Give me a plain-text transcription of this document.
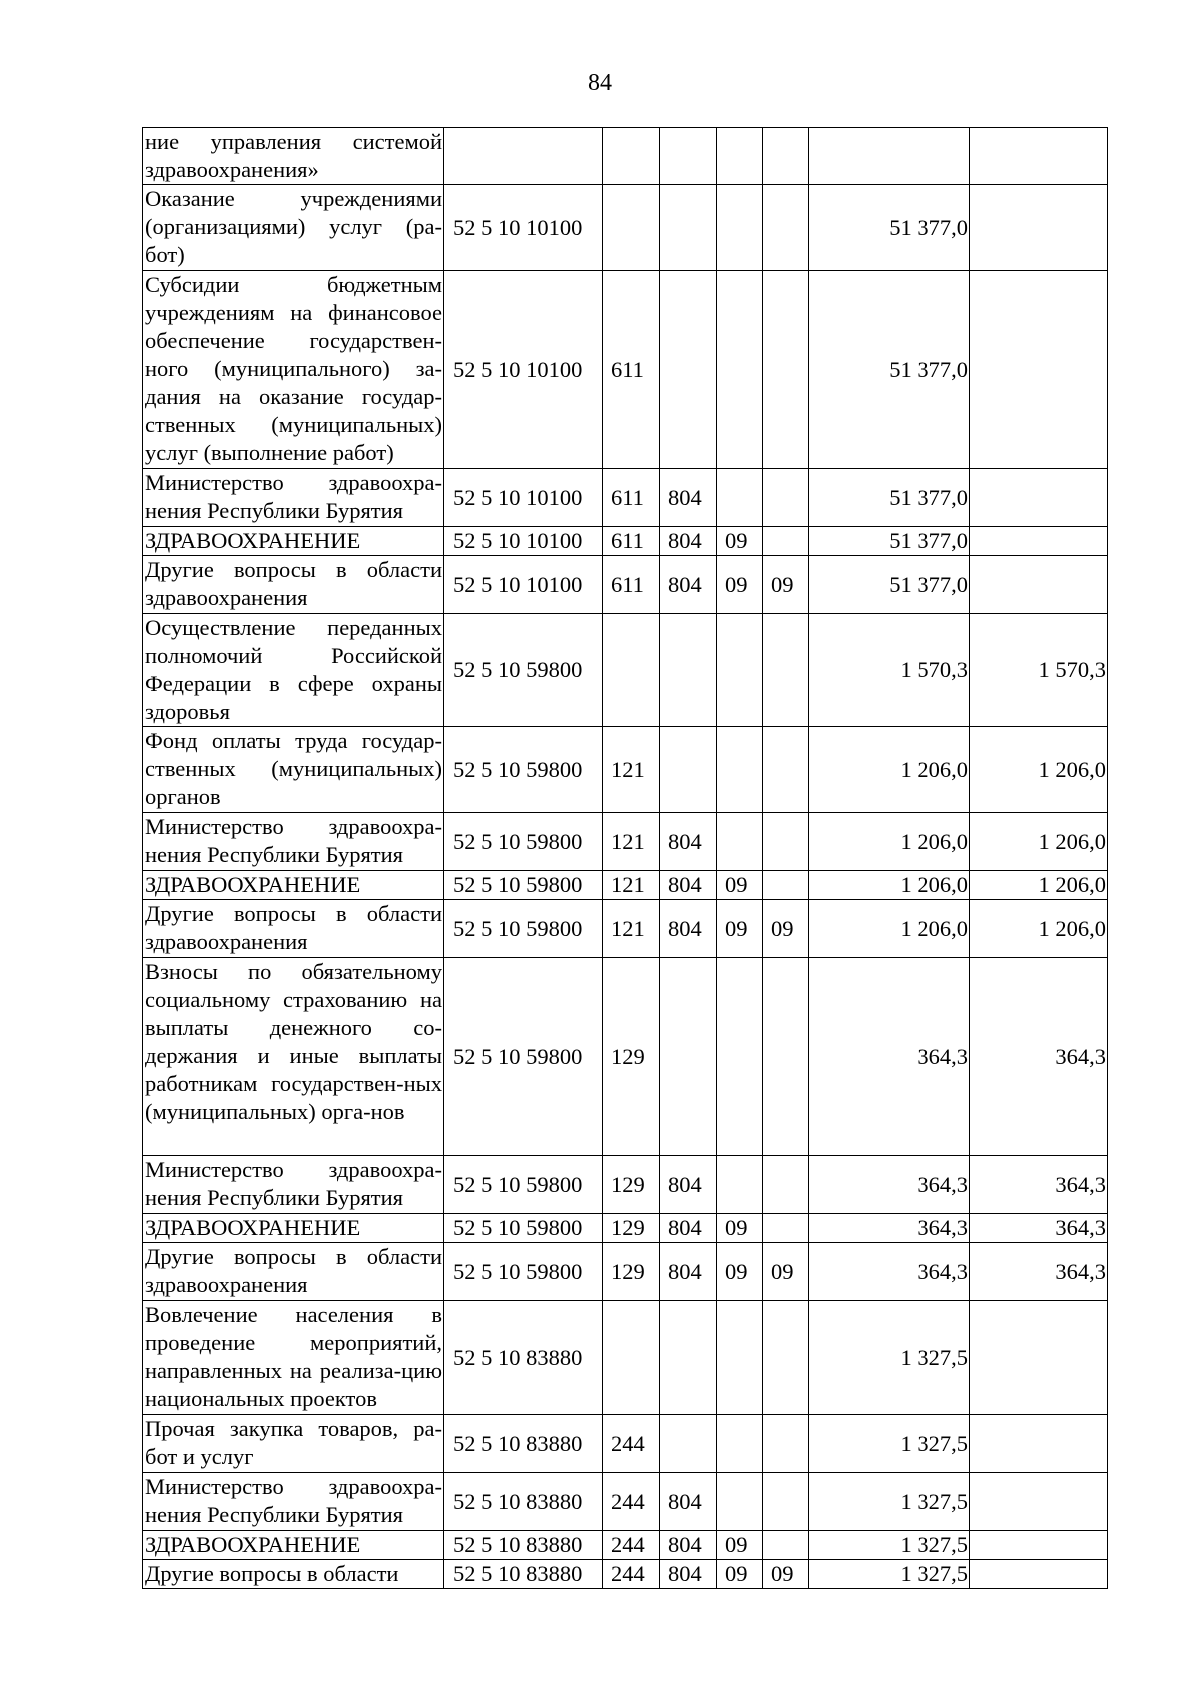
84
ние управления системой здравоохранения»							
Оказание учреждениями (организациями) услуг (ра-бот)	52 5 10 10100					51 377,0	
Субсидии бюджетным учреждениям на финансовое обеспечение государствен-ного (муниципального) за-дания на оказание государ-ственных (муниципальных) услуг (выполнение работ)	52 5 10 10100	611				51 377,0	
Министерство здравоохра-нения Республики Бурятия	52 5 10 10100	611	804			51 377,0	
ЗДРАВООХРАНЕНИЕ	52 5 10 10100	611	804	09		51 377,0	
Другие вопросы в области здравоохранения	52 5 10 10100	611	804	09	09	51 377,0	
Осуществление переданных полномочий Российской Федерации в сфере охраны здоровья	52 5 10 59800					1 570,3	1 570,3
Фонд оплаты труда государ-ственных (муниципальных) органов	52 5 10 59800	121				1 206,0	1 206,0
Министерство здравоохра-нения Республики Бурятия	52 5 10 59800	121	804			1 206,0	1 206,0
ЗДРАВООХРАНЕНИЕ	52 5 10 59800	121	804	09		1 206,0	1 206,0
Другие вопросы в области здравоохранения	52 5 10 59800	121	804	09	09	1 206,0	1 206,0
Взносы по обязательному социальному страхованию на выплаты денежного со-держания и иные выплаты работникам государствен-ных (муниципальных) орга-нов	52 5 10 59800	129				364,3	364,3
Министерство здравоохра-нения Республики Бурятия	52 5 10 59800	129	804			364,3	364,3
ЗДРАВООХРАНЕНИЕ	52 5 10 59800	129	804	09		364,3	364,3
Другие вопросы в области здравоохранения	52 5 10 59800	129	804	09	09	364,3	364,3
Вовлечение населения в проведение мероприятий, направленных на реализа-цию национальных проектов	52 5 10 83880					1 327,5	
Прочая закупка товаров, ра-бот и услуг	52 5 10 83880	244				1 327,5	
Министерство здравоохра-нения Республики Бурятия	52 5 10 83880	244	804			1 327,5	
ЗДРАВООХРАНЕНИЕ	52 5 10 83880	244	804	09		1 327,5	
Другие вопросы в области	52 5 10 83880	244	804	09	09	1 327,5	
